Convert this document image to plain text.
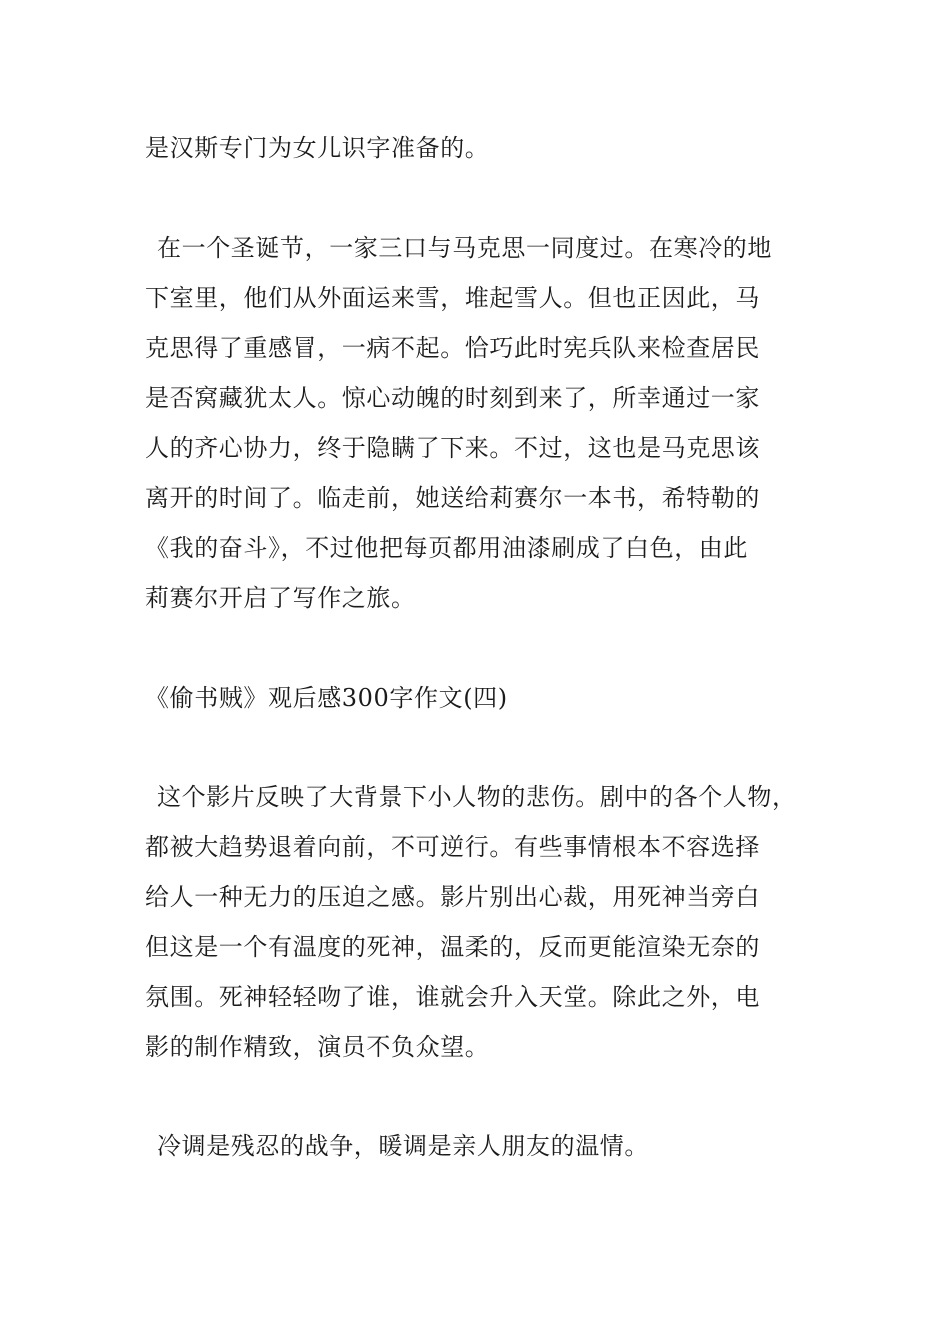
是汉斯专门为女儿识字准备的。
在一个圣诞节，一家三口与马克思一同度过。在寒冷的地
下室里，他们从外面运来雪，堆起雪人。但也正因此，马
克思得了重感冒，一病不起。恰巧此时宪兵队来检查居民
是否窝藏犹太人。惊心动魄的时刻到来了，所幸通过一家
人的齐心协力，终于隐瞒了下来。不过，这也是马克思该
离开的时间了。临走前，她送给莉赛尔一本书，希特勒的
《我的奋斗》，不过他把每页都用油漆刷成了白色，由此
莉赛尔开启了写作之旅。
《偷书贼》观后感300字作文(四)
这个影片反映了大背景下小人物的悲伤。剧中的各个人物，
都被大趋势退着向前，不可逆行。有些事情根本不容选择
给人一种无力的压迫之感。影片别出心裁，用死神当旁白
但这是一个有温度的死神，温柔的，反而更能渲染无奈的
氛围。死神轻轻吻了谁，谁就会升入天堂。除此之外，电
影的制作精致，演员不负众望。
冷调是残忍的战争，暖调是亲人朋友的温情。
